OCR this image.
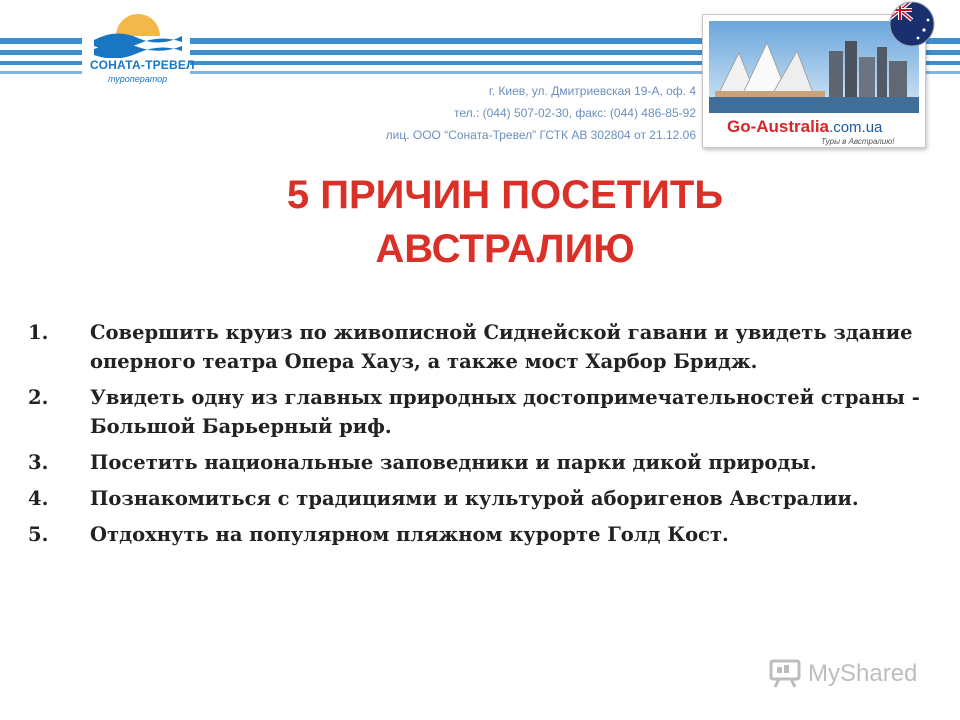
СОНАТА-ТРЕВЕЛ
туроператор
г. Киев, ул. Дмитриевская 19-А, оф. 4
тел.: (044) 507-02-30, факс: (044) 486-85-92
лиц. ООО “Соната-Тревел” ГСТК АВ 302804 от 21.12.06 Go-Australia.com.ua
Туры в Австралию!
5 ПРИЧИН ПОСЕТИТЬ
АВСТРАЛИЮ
1. Совершить круиз по живописной Сиднейской гавани и увидеть здание оперного театра Опера Хауз, а также мост Харбор Бридж.
2. Увидеть одну из главных природных достопримечательностей страны - Большой Барьерный риф.
3. Посетить национальные заповедники и парки дикой природы.
4. Познакомиться с традициями и культурой аборигенов Австралии.
5. Отдохнуть на популярном пляжном курорте Голд Кост.
MyShared
